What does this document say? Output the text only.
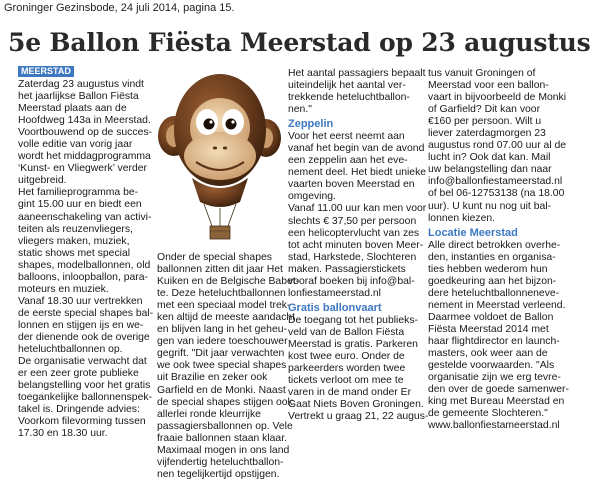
Groninger Gezinsbode, 24 juli 2014, pagina 15.
5e Ballon Fiësta Meerstad op 23 augustus
MEERSTAD
Zaterdag 23 augustus vindt
het jaarlijkse Ballon Fiësta
Meerstad plaats aan de
Hoofdweg 143a in Meerstad.
Voortbouwend op de succes-
volle editie van vorig jaar
wordt het middagprogramma
‘Kunst- en Vliegwerk’ verder
uitgebreid.
Het familieprogramma be-
gint 15.00 uur en biedt een
aaneenschakeling van activi-
teiten als reuzenvliegers,
vliegers maken, muziek,
static shows met special
shapes, modelballonnen, old
balloons, inloopballon, para-
moteurs en muziek.
Vanaf 18.30 uur vertrekken
de eerste special shapes bal-
lonnen en stijgen ijs en we-
der dienende ook de overige
heteluchtballonnen op.
De organisatie verwacht dat
er een zeer grote publieke
belangstelling voor het gratis
toegankelijke ballonnenspek-
takel is. Dringende advies:
Voorkom filevorming tussen
17.30 en 18.30 uur.
Onder de special shapes
ballonnen zitten dit jaar Het
Kuiken en de Belgische Babet-
te. Deze heteluchtballonnen
met een speciaal model trek-
ken altijd de meeste aandacht
en blijven lang in het geheu-
gen van iedere toeschouwer
gegrift. "Dit jaar verwachten
we ook twee special shapes
uit Brazilie en zeker ook
Garfield en de Monki. Naast
de special shapes stijgen ook
allerlei ronde kleurrijke
passagiersballonnen op. Vele
fraaie ballonnen staan klaar.
Maximaal mogen in ons land
vijfendertig heteluchtballon-
nen tegelijkertijd opstijgen.
Het aantal passagiers bepaalt
uiteindelijk het aantal ver-
trekkende heteluchtballon-
nen."
Zeppelin
Voor het eerst neemt aan
vanaf het begin van de avond
een zeppelin aan het eve-
nement deel. Het biedt unieke
vaarten boven Meerstad en
omgeving.
Vanaf 11.00 uur kan men voor
slechts € 37,50 per persoon
een helicoptervlucht van zes
tot acht minuten boven Meer-
stad, Harkstede, Slochteren
maken. Passagierstickets
vooraf boeken bij info@bal-
lonfiestameerstad.nl
Gratis ballonvaart
De toegang tot het publieks-
veld van de Ballon Fiësta
Meerstad is gratis. Parkeren
kost twee euro. Onder de
parkeerders worden twee
tickets verloot om mee te
varen in de mand onder Er
Gaat Niets Boven Groningen.
Vertrekt u graag 21, 22 augus-
tus vanuit Groningen of
Meerstad voor een ballon-
vaart in bijvoorbeeld de Monki
of Garfield? Dit kan voor
€160 per persoon. Wilt u
liever zaterdagmorgen 23
augustus rond 07.00 uur al de
lucht in? Ook dat kan. Mail
uw belangstelling dan naar
info@ballonfiestameerstad.nl
of bel 06-12753138 (na 18.00
uur). U kunt nu nog uit bal-
lonnen kiezen.
Locatie Meerstad
Alle direct betrokken overhe-
den, instanties en organisa-
ties hebben wederom hun
goedkeuring aan het bijzon-
dere heteluchtballonneneve-
nement in Meerstad verleend.
Daarmee voldoet de Ballon
Fiësta Meerstad 2014 met
haar flightdirector en launch-
masters, ook weer aan de
gestelde voorwaarden. "Als
organisatie zijn we erg tevre-
den over de goede samenwer-
king met Bureau Meerstad en
de gemeente Slochteren."
www.ballonfiestameerstad.nl
